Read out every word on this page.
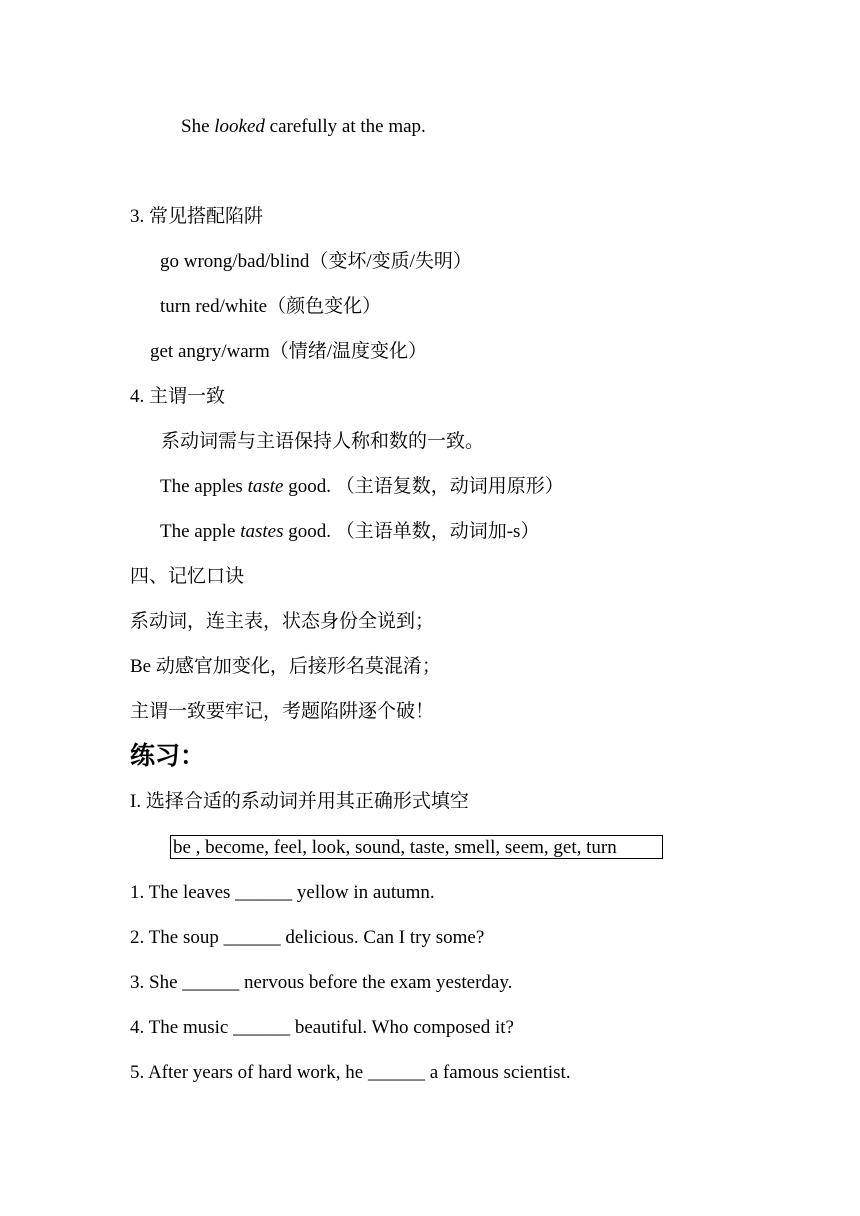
She looked carefully at the map.
3. 常见搭配陷阱
go wrong/bad/blind（变坏/变质/失明）
turn red/white（颜色变化）
get angry/warm（情绪/温度变化）
4. 主谓一致
系动词需与主语保持人称和数的一致。
The apples taste good. （主语复数，动词用原形）
The apple tastes good. （主语单数，动词加-s）
四、记忆口诀
系动词，连主表，状态身份全说到；
Be 动感官加变化，后接形名莫混淆；
主谓一致要牢记，考题陷阱逐个破！
练习：
I. 选择合适的系动词并用其正确形式填空
be , become, feel, look, sound, taste, smell, seem, get, turn
1. The leaves ______ yellow in autumn.
2. The soup ______ delicious. Can I try some?
3. She ______ nervous before the exam yesterday.
4. The music ______ beautiful. Who composed it?
5. After years of hard work, he ______ a famous scientist.
